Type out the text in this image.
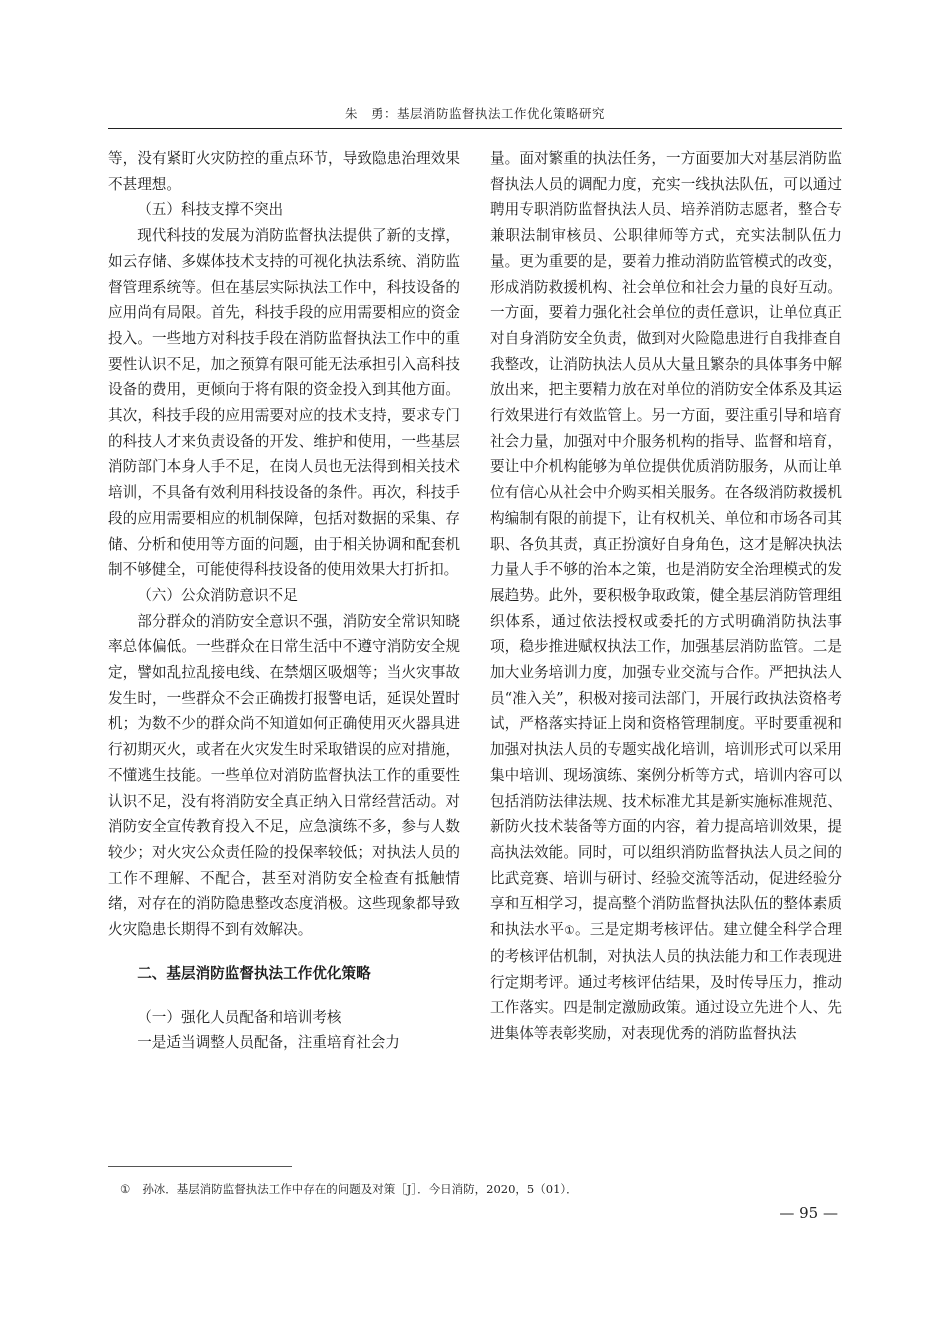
朱　勇：基层消防监督执法工作优化策略研究

等，没有紧盯火灾防控的重点环节，导致隐患治理效果不甚理想。

（五）科技支撑不突出

现代科技的发展为消防监督执法提供了新的支撑，如云存储、多媒体技术支持的可视化执法系统、消防监督管理系统等。但在基层实际执法工作中，科技设备的应用尚有局限。首先，科技手段的应用需要相应的资金投入。一些地方对科技手段在消防监督执法工作中的重要性认识不足，加之预算有限可能无法承担引入高科技设备的费用，更倾向于将有限的资金投入到其他方面。其次，科技手段的应用需要对应的技术支持，要求专门的科技人才来负责设备的开发、维护和使用，一些基层消防部门本身人手不足，在岗人员也无法得到相关技术培训，不具备有效利用科技设备的条件。再次，科技手段的应用需要相应的机制保障，包括对数据的采集、存储、分析和使用等方面的问题，由于相关协调和配套机制不够健全，可能使得科技设备的使用效果大打折扣。

（六）公众消防意识不足

部分群众的消防安全意识不强，消防安全常识知晓率总体偏低。一些群众在日常生活中不遵守消防安全规定，譬如乱拉乱接电线、在禁烟区吸烟等；当火灾事故发生时，一些群众不会正确拨打报警电话，延误处置时机；为数不少的群众尚不知道如何正确使用灭火器具进行初期灭火，或者在火灾发生时采取错误的应对措施，不懂逃生技能。一些单位对消防监督执法工作的重要性认识不足，没有将消防安全真正纳入日常经营活动。对消防安全宣传教育投入不足，应急演练不多，参与人数较少；对火灾公众责任险的投保率较低；对执法人员的工作不理解、不配合，甚至对消防安全检查有抵触情绪，对存在的消防隐患整改态度消极。这些现象都导致火灾隐患长期得不到有效解决。

二、基层消防监督执法工作优化策略

（一）强化人员配备和培训考核

一是适当调整人员配备，注重培育社会力

量。面对繁重的执法任务，一方面要加大对基层消防监督执法人员的调配力度，充实一线执法队伍，可以通过聘用专职消防监督执法人员、培养消防志愿者，整合专兼职法制审核员、公职律师等方式，充实法制队伍力量。更为重要的是，要着力推动消防监管模式的改变，形成消防救援机构、社会单位和社会力量的良好互动。一方面，要着力强化社会单位的责任意识，让单位真正对自身消防安全负责，做到对火险隐患进行自我排查自我整改，让消防执法人员从大量且繁杂的具体事务中解放出来，把主要精力放在对单位的消防安全体系及其运行效果进行有效监管上。另一方面，要注重引导和培育社会力量，加强对中介服务机构的指导、监督和培育，要让中介机构能够为单位提供优质消防服务，从而让单位有信心从社会中介购买相关服务。在各级消防救援机构编制有限的前提下，让有权机关、单位和市场各司其职、各负其责，真正扮演好自身角色，这才是解决执法力量人手不够的治本之策，也是消防安全治理模式的发展趋势。此外，要积极争取政策，健全基层消防管理组织体系，通过依法授权或委托的方式明确消防执法事项，稳步推进赋权执法工作，加强基层消防监管。二是加大业务培训力度，加强专业交流与合作。严把执法人员“准入关”，积极对接司法部门，开展行政执法资格考试，严格落实持证上岗和资格管理制度。平时要重视和加强对执法人员的专题实战化培训，培训形式可以采用集中培训、现场演练、案例分析等方式，培训内容可以包括消防法律法规、技术标准尤其是新实施标准规范、新防火技术装备等方面的内容，着力提高培训效果，提高执法效能。同时，可以组织消防监督执法人员之间的比武竞赛、培训与研讨、经验交流等活动，促进经验分享和互相学习，提高整个消防监督执法队伍的整体素质和执法水平①。三是定期考核评估。建立健全科学合理的考核评估机制，对执法人员的执法能力和工作表现进行定期考评。通过考核评估结果，及时传导压力，推动工作落实。四是制定激励政策。通过设立先进个人、先进集体等表彰奖励，对表现优秀的消防监督执法

① 孙冰．基层消防监督执法工作中存在的问题及对策［J］．今日消防，2020，5（01）．
— 95 —
